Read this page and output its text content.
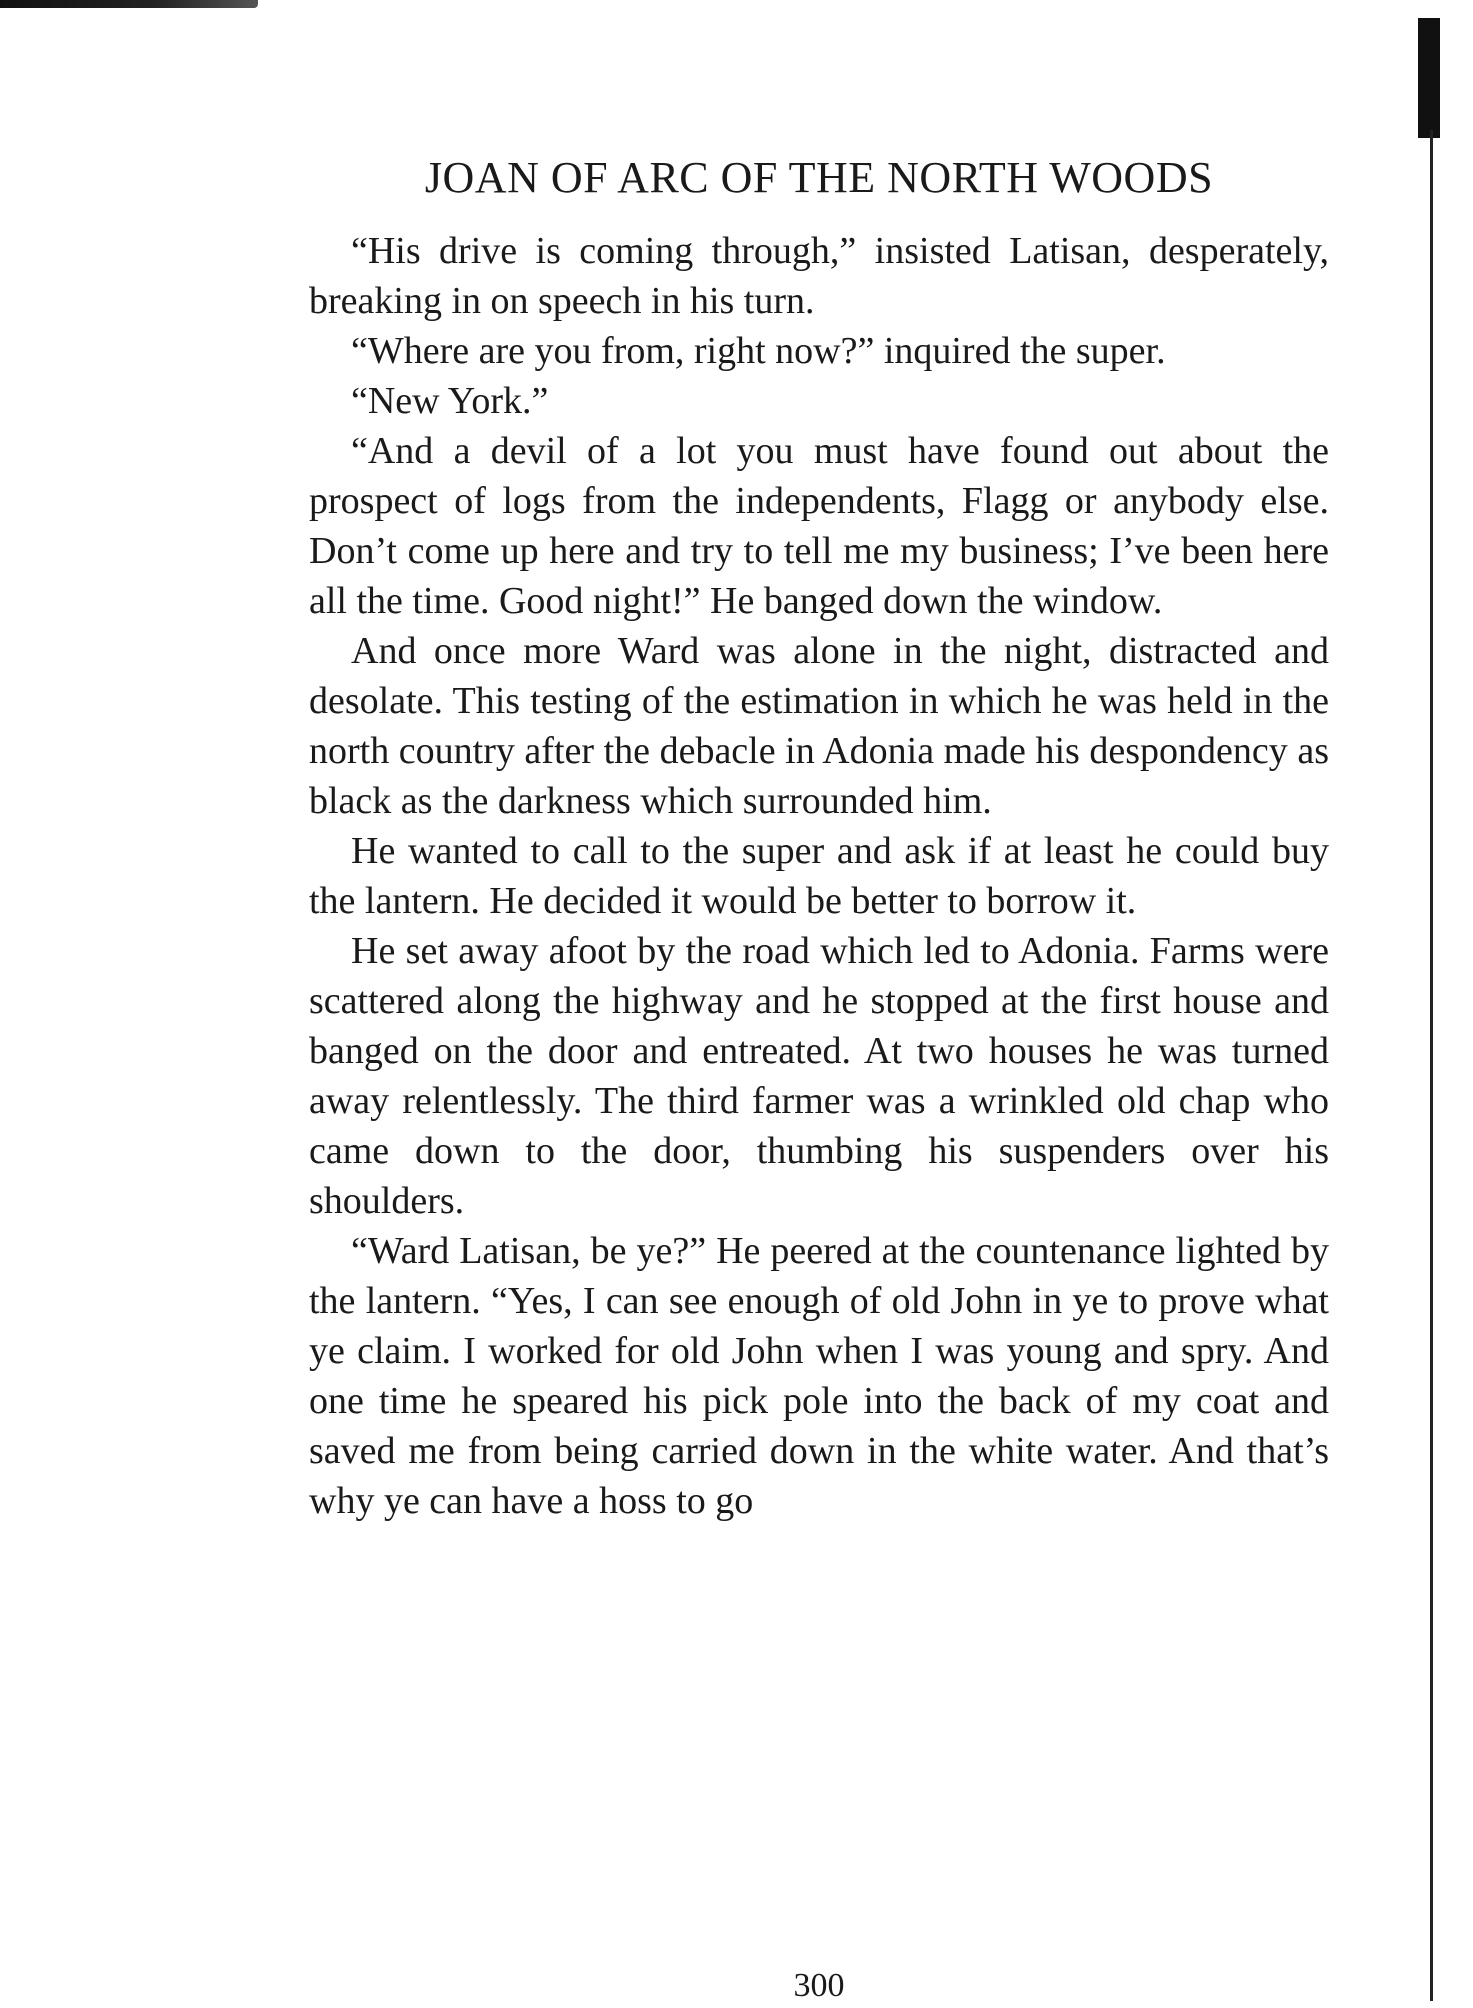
JOAN OF ARC OF THE NORTH WOODS

“His drive is coming through,” insisted Latisan, desperately, breaking in on speech in his turn.

“Where are you from, right now?” inquired the super.

“New York.”

“And a devil of a lot you must have found out about the prospect of logs from the independents, Flagg or anybody else. Don’t come up here and try to tell me my business; I’ve been here all the time. Good night!” He banged down the window.

And once more Ward was alone in the night, distracted and desolate. This testing of the estimation in which he was held in the north country after the debacle in Adonia made his despondency as black as the darkness which surrounded him.

He wanted to call to the super and ask if at least he could buy the lantern. He decided it would be better to borrow it.

He set away afoot by the road which led to Adonia. Farms were scattered along the highway and he stopped at the first house and banged on the door and entreated. At two houses he was turned away relentlessly. The third farmer was a wrinkled old chap who came down to the door, thumbing his suspenders over his shoulders.

“Ward Latisan, be ye?” He peered at the countenance lighted by the lantern. “Yes, I can see enough of old John in ye to prove what ye claim. I worked for old John when I was young and spry. And one time he speared his pick pole into the back of my coat and saved me from being carried down in the white water. And that’s why ye can have a hoss to go

300
